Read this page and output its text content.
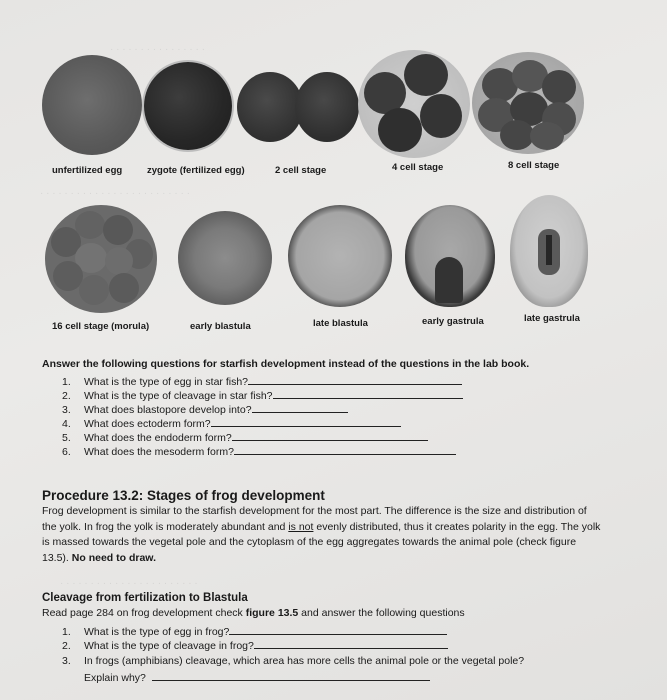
· · · · · · · · · · · · · · · ·
· · · · · · · · · · · · · · · · · · · · · · · · ·
· · · · · · · · · · · · · · · · · · · · · · ·
unfertilized egg	zygote (fertilized egg)	2 cell stage	4 cell stage	8 cell stage
16 cell stage (morula)	early blastula	late blastula	early gastrula	late gastrula
Answer the following questions for starfish development instead of the questions in the lab book.
1. What is the type of egg in star fish?
2. What is the type of cleavage in star fish?
3. What does blastopore develop into?
4. What does ectoderm form?
5. What does the endoderm form?
6. What does the mesoderm form?
Procedure 13.2: Stages of frog development
Frog development is similar to the starfish development for the most part. The difference is the size and distribution of the yolk. In frog the yolk is moderately abundant and is not evenly distributed, thus it creates polarity in the egg. The yolk is massed towards the vegetal pole and the cytoplasm of the egg aggregates towards the animal pole (check figure 13.5). No need to draw.
Cleavage from fertilization to Blastula
Read page 284 on frog development check figure 13.5 and answer the following questions
1. What is the type of egg in frog?
2. What is the type of cleavage in frog?
3. In frogs (amphibians) cleavage, which area has more cells the animal pole or the vegetal pole?
Explain why?
